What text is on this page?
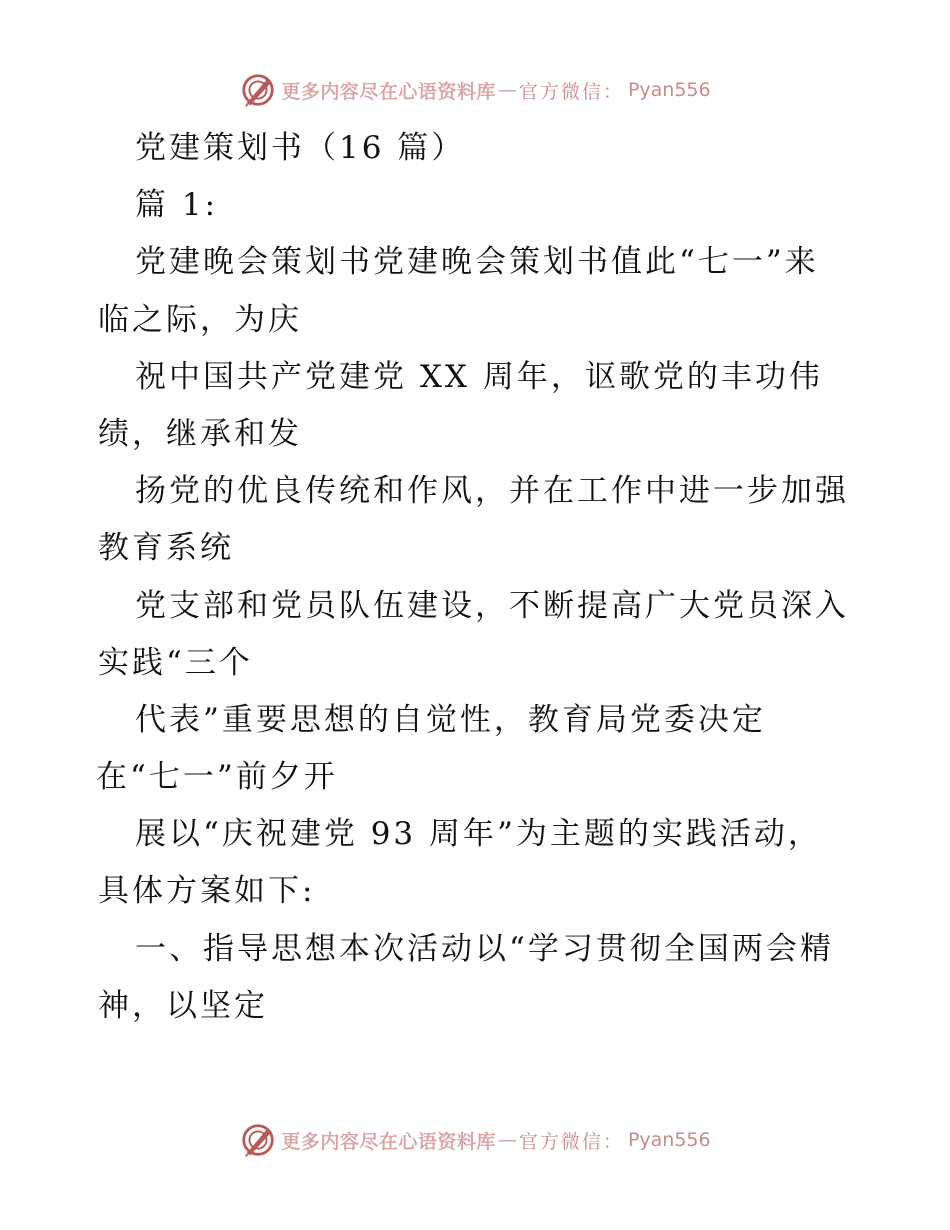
更多内容尽在心语资料库 — 官方微信： Pyan556
党建策划书（16 篇）
篇 1:
党建晚会策划书党建晚会策划书值此“七一”来
临之际，为庆
祝中国共产党建党 XX 周年，讴歌党的丰功伟
绩，继承和发
扬党的优良传统和作风，并在工作中进一步加强
教育系统
党支部和党员队伍建设，不断提高广大党员深入
实践“三个
代表”重要思想的自觉性，教育局党委决定
在“七一”前夕开
展以“庆祝建党 93 周年”为主题的实践活动，
具体方案如下:
一、指导思想本次活动以“学习贯彻全国两会精
神，以坚定
更多内容尽在心语资料库 — 官方微信： Pyan556
